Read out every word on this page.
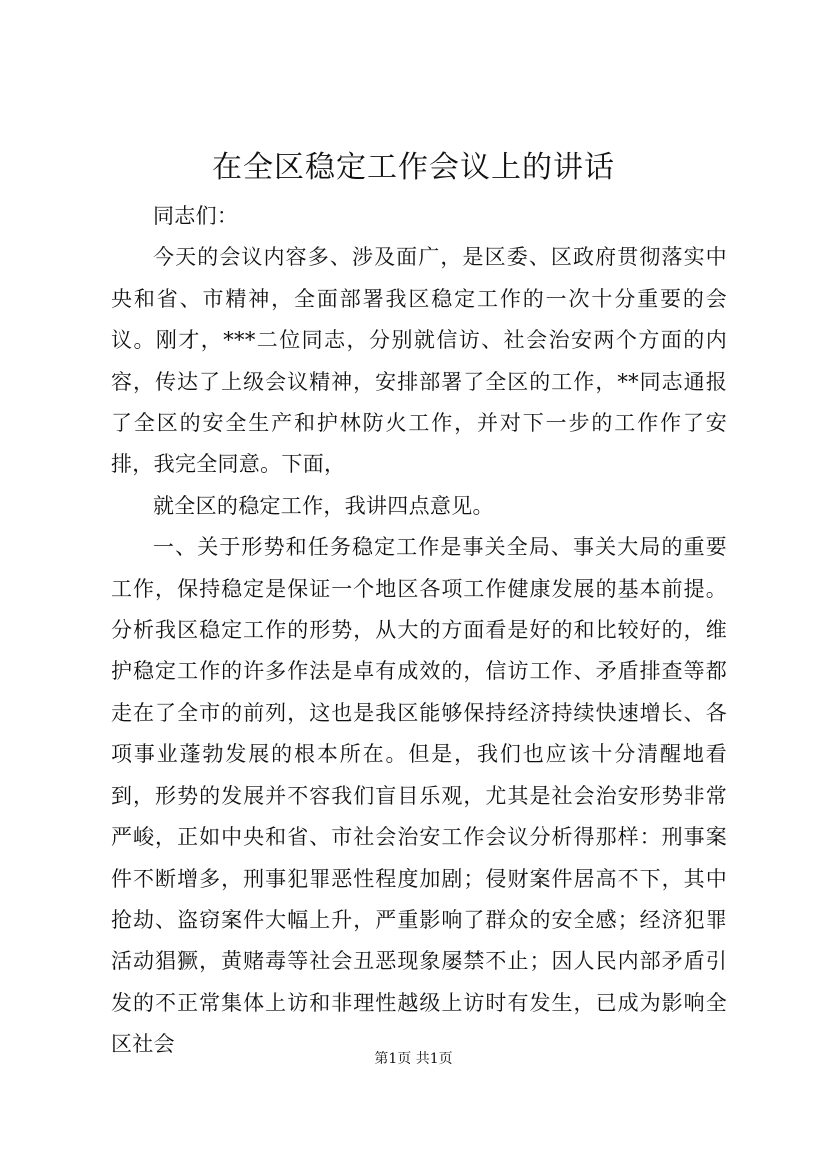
在全区稳定工作会议上的讲话

同志们：

今天的会议内容多、涉及面广，是区委、区政府贯彻落实中央和省、市精神，全面部署我区稳定工作的一次十分重要的会议。刚才，***二位同志，分别就信访、社会治安两个方面的内容，传达了上级会议精神，安排部署了全区的工作，**同志通报了全区的安全生产和护林防火工作，并对下一步的工作作了安排，我完全同意。下面，

就全区的稳定工作，我讲四点意见。

一、关于形势和任务稳定工作是事关全局、事关大局的重要工作，保持稳定是保证一个地区各项工作健康发展的基本前提。分析我区稳定工作的形势，从大的方面看是好的和比较好的，维护稳定工作的许多作法是卓有成效的，信访工作、矛盾排查等都走在了全市的前列，这也是我区能够保持经济持续快速增长、各项事业蓬勃发展的根本所在。但是，我们也应该十分清醒地看到，形势的发展并不容我们盲目乐观，尤其是社会治安形势非常严峻，正如中央和省、市社会治安工作会议分析得那样：刑事案件不断增多，刑事犯罪恶性程度加剧；侵财案件居高不下，其中抢劫、盗窃案件大幅上升，严重影响了群众的安全感；经济犯罪活动猖獗，黄赌毒等社会丑恶现象屡禁不止；因人民内部矛盾引发的不正常集体上访和非理性越级上访时有发生，已成为影响全区社会

第1页 共1页
